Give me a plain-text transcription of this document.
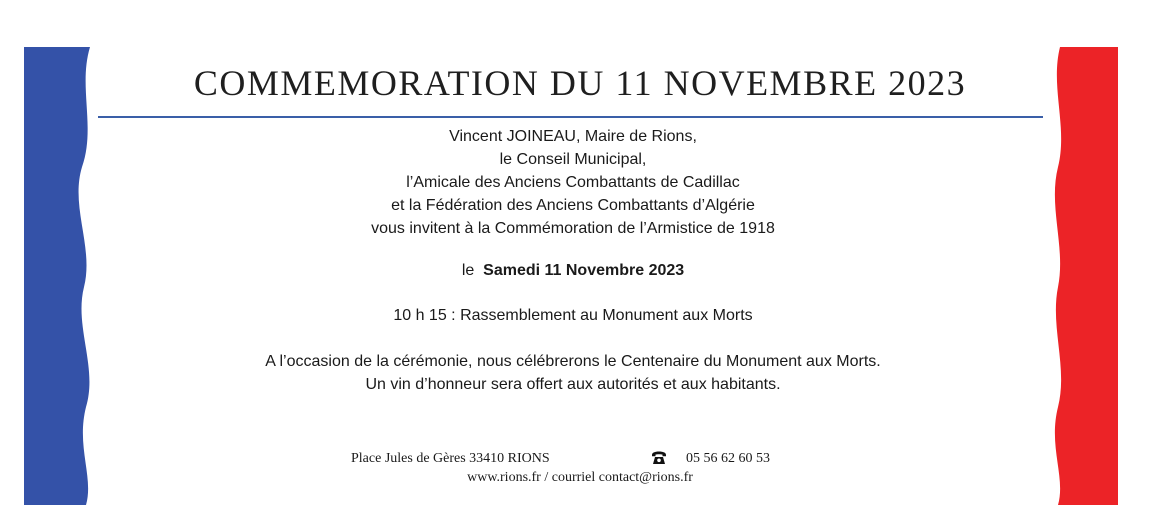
COMMEMORATION DU 11 NOVEMBRE 2023
Vincent JOINEAU, Maire de Rions,
le Conseil Municipal,
l’Amicale des Anciens Combattants de Cadillac
et la Fédération des Anciens Combattants d’Algérie
vous invitent à la Commémoration de l’Armistice de 1918
le Samedi 11 Novembre 2023
10 h 15 : Rassemblement au Monument aux Morts
A l’occasion de la cérémonie, nous célébrerons le Centenaire du Monument aux Morts.
Un vin d’honneur sera offert aux autorités et aux habitants.
Place Jules de Gères 33410 RIONS	05 56 62 60 53
www.rions.fr / courriel contact@rions.fr
